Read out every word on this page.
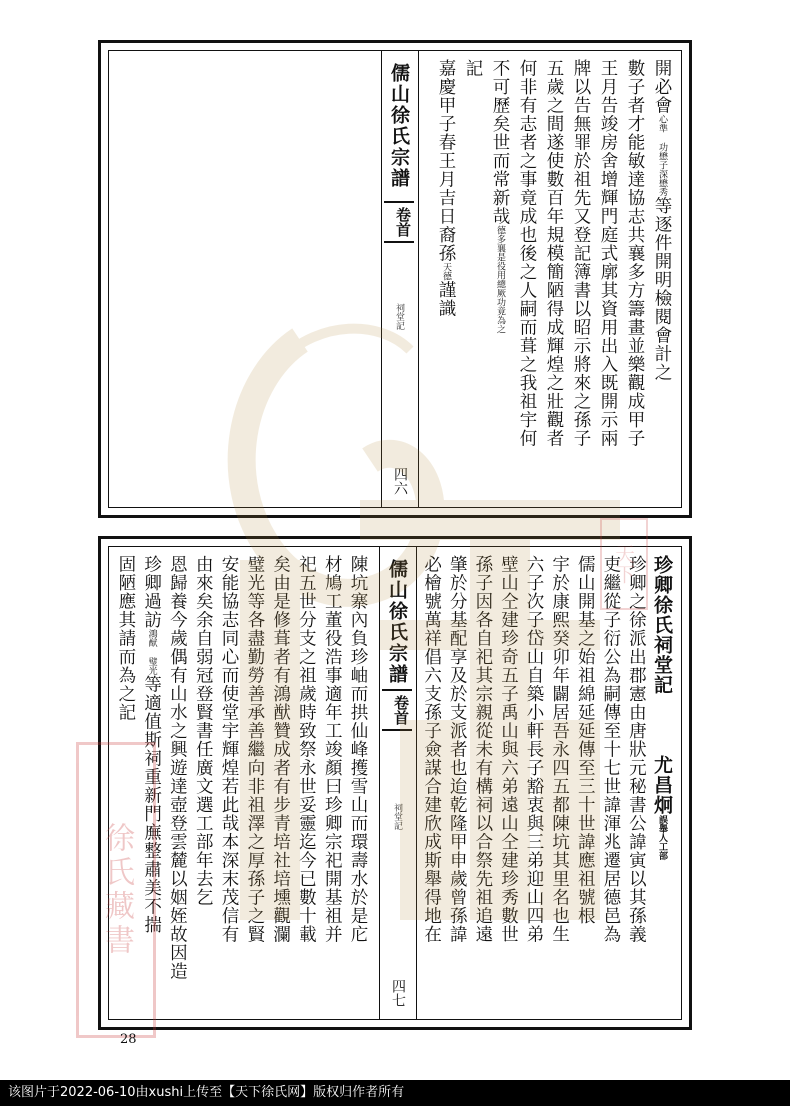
儒山徐氏宗譜
卷首
祠堂記
四六
開必會心準 功懋子深懋秀等逐件開明檢閱會計之
數子者才能敏達協志共襄多方籌畫並樂觀成甲子
王月告竣房舍增輝門庭式廓其資用出入既開示兩
牌以告無罪於祖先又登記簿書以昭示將來之孫子
五歲之間遂使數百年規模簡陋得成輝煌之壯觀者
何非有志者之事竟成也後之人嗣而葺之我祖宇何
不可歷矣世而常新哉德多襄是役用總厥功竟為之
記
嘉慶甲子春王月吉日裔孫天德謹識
珍卿徐氏祠堂記尤昌炯誤舉人工部
珍卿之徐派出郡憲由唐狀元秘書公諱寅以其孫義
吏繼從子衍公為嗣傳至十七世諱渾兆遷居德邑為
儒山開基之始祖綿延延傳至三十世諱應祖號根
宇於康熙癸卯年闢居吾永四五都陳坑其里名也生
六子次子岱山自築小軒長子豁衷與三弟迎山四弟
壁山仝建珍奇五子禹山與六弟遠山仝建珍秀數世
孫子因各自祀其宗親從未有構祠以合祭先祖追遠
肇於分基配享及於支派者也迨乾隆甲申歲曾孫諱
必檜號萬祥倡六支孫子僉謀合建欣成斯舉得地在
儒山徐氏宗譜
卷首
祠堂記
四七
陳坑寨內負珍岫而拱仙峰擭雪山而環壽水於是庀
材鳩工董役浩事適年工竣顏曰珍卿宗祀開基祖并
祀五世分支之祖歲時致祭永世妥靈迄今已數十載
矣由是修葺者有鴻猷贊成者有步青培社培壎觀瀾
璧光等各盡勤勞善承善繼向非祖澤之厚孫子之賢
安能協志同心而使堂宇輝煌若此哉本深末茂信有
由來矣余自弱冠登賢書任廣文選工部年去乞
恩歸養今歲偶有山水之興遊達壺登雲麓以姻姪故因造
珍卿過訪鴻猷 璧光等適值斯祠重新門廡整肅美不揣
固陋應其請而為之記
徐氏藏書
天下
28
该图片于2022-06-10由xushi上传至【天下徐氏网】版权归作者所有
